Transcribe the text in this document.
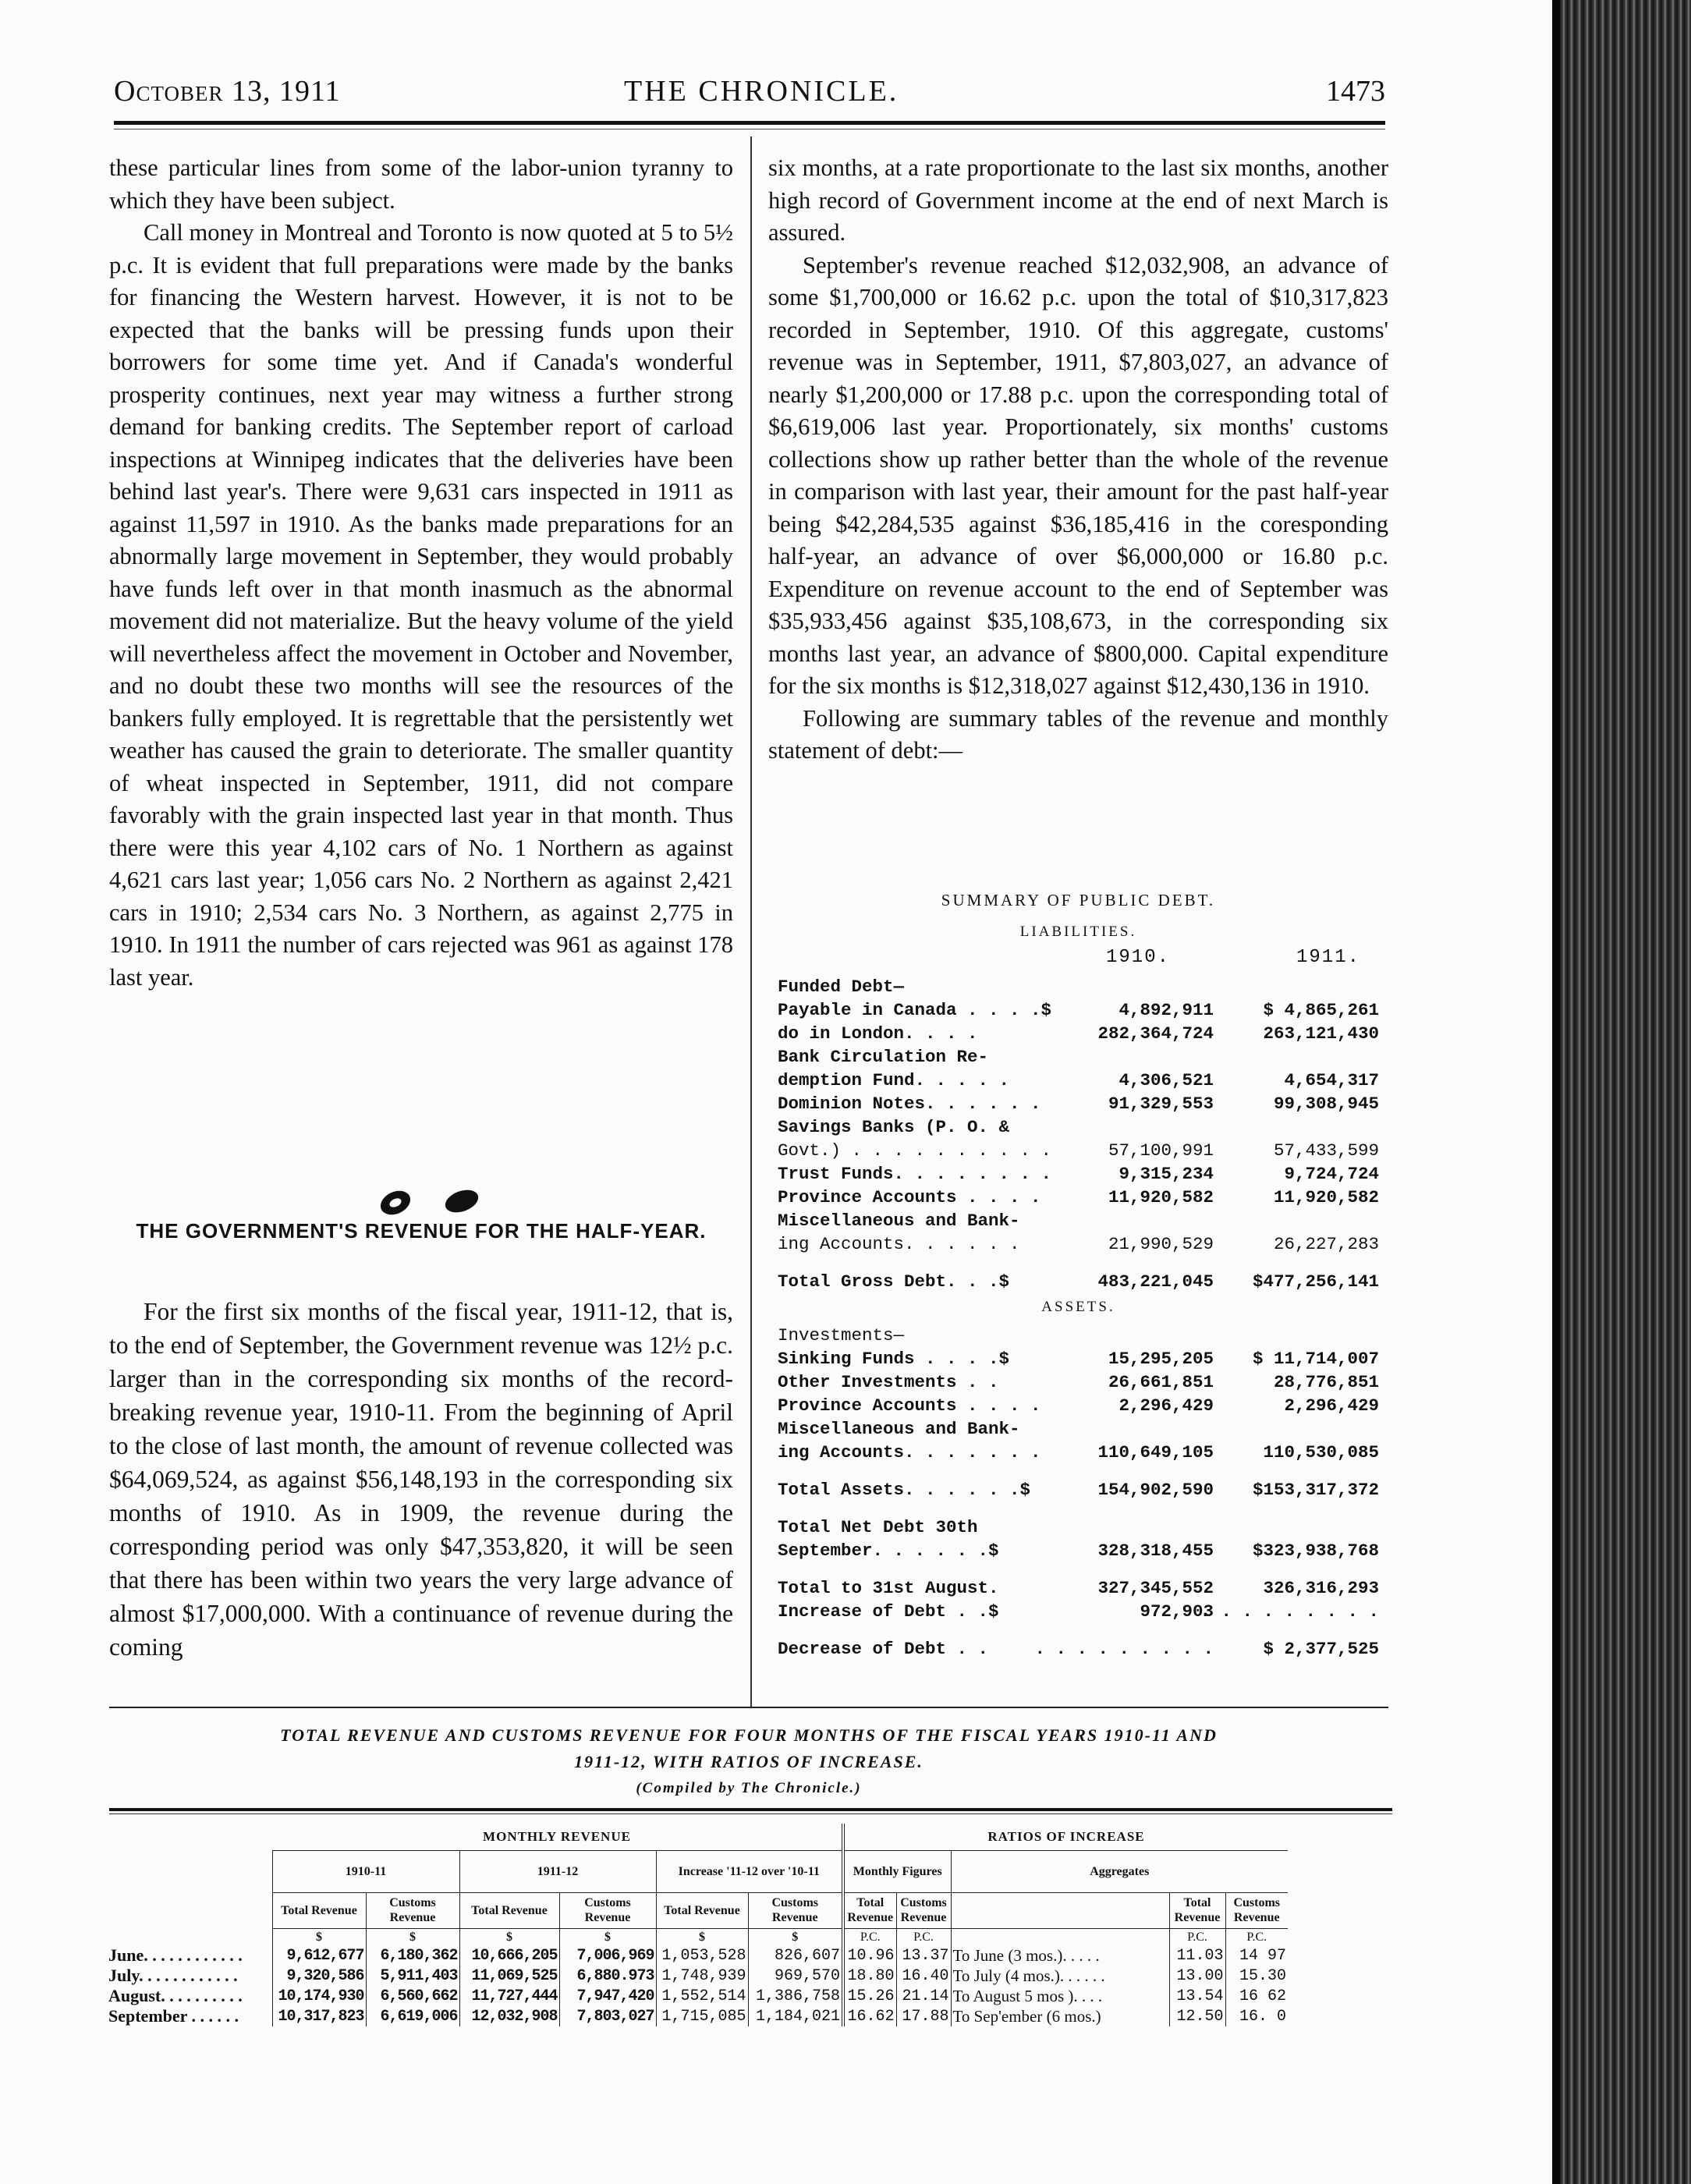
October 13, 1911	THE CHRONICLE.	1473

these particular lines from some of the labor-union tyranny to which they have been subject.

Call money in Montreal and Toronto is now quoted at 5 to 5½ p.c. It is evident that full preparations were made by the banks for financing the Western harvest. However, it is not to be expected that the banks will be pressing funds upon their borrowers for some time yet. And if Canada's wonderful prosperity continues, next year may witness a further strong demand for banking credits. The September report of carload inspections at Winnipeg indicates that the deliveries have been behind last year's. There were 9,631 cars inspected in 1911 as against 11,597 in 1910. As the banks made preparations for an abnormally large movement in September, they would probably have funds left over in that month inasmuch as the abnormal movement did not materialize. But the heavy volume of the yield will nevertheless affect the movement in October and November, and no doubt these two months will see the resources of the bankers fully employed. It is regrettable that the persistently wet weather has caused the grain to deteriorate. The smaller quantity of wheat inspected in September, 1911, did not compare favorably with the grain inspected last year in that month. Thus there were this year 4,102 cars of No. 1 Northern as against 4,621 cars last year; 1,056 cars No. 2 Northern as against 2,421 cars in 1910; 2,534 cars No. 3 Northern, as against 2,775 in 1910. In 1911 the number of cars rejected was 961 as against 178 last year.

THE GOVERNMENT'S REVENUE FOR THE HALF-YEAR.

For the first six months of the fiscal year, 1911-12, that is, to the end of September, the Government revenue was 12½ p.c. larger than in the corresponding six months of the record-breaking revenue year, 1910-11. From the beginning of April to the close of last month, the amount of revenue collected was $64,069,524, as against $56,148,193 in the corresponding six months of 1910. As in 1909, the revenue during the corresponding period was only $47,353,820, it will be seen that there has been within two years the very large advance of almost $17,000,000. With a continuance of revenue during the coming

six months, at a rate proportionate to the last six months, another high record of Government income at the end of next March is assured.

September's revenue reached $12,032,908, an advance of some $1,700,000 or 16.62 p.c. upon the total of $10,317,823 recorded in September, 1910. Of this aggregate, customs' revenue was in September, 1911, $7,803,027, an advance of nearly $1,200,000 or 17.88 p.c. upon the corresponding total of $6,619,006 last year. Proportionately, six months' customs collections show up rather better than the whole of the revenue in comparison with last year, their amount for the past half-year being $42,284,535 against $36,185,416 in the coresponding half-year, an advance of over $6,000,000 or 16.80 p.c. Expenditure on revenue account to the end of September was $35,933,456 against $35,108,673, in the corresponding six months last year, an advance of $800,000. Capital expenditure for the six months is $12,318,027 against $12,430,136 in 1910.

Following are summary tables of the revenue and monthly statement of debt:—

SUMMARY OF PUBLIC DEBT.
LIABILITIES.
1910.	1911.
Funded Debt—
Payable in Canada . . . .$	4,892,911	$ 4,865,261
do in London. . . .	282,364,724	263,121,430
Bank Circulation Re-
demption Fund. . . . .	4,306,521	4,654,317
Dominion Notes. . . . . .	91,329,553	99,308,945
Savings Banks (P. O. &
Govt.) . . . . . . . . . .	57,100,991	57,433,599
Trust Funds. . . . . . . .	9,315,234	9,724,724
Province Accounts . . . .	11,920,582	11,920,582
Miscellaneous and Bank-
ing Accounts. . . . . .	21,990,529	26,227,283
Total Gross Debt. . .$	483,221,045 $477,256,141
ASSETS.
Investments—
Sinking Funds . . . .$	15,295,205 $ 11,714,007
Other Investments . .	26,661,851	28,776,851
Province Accounts . . . .	2,296,429	2,296,429
Miscellaneous and Bank-
ing Accounts. . . . . . .	110,649,105	110,530,085
Total Assets. . . . . .$	154,902,590 $153,317,372
Total Net Debt 30th
September. . . . . .$	328,318,455 $323,938,768
Total to 31st August.	327,345,552	326,316,293
Increase of Debt . .$	972,903
. . . . . . . . .
Decrease of Debt . .	. . . . . . . . .	$ 2,377,525
TOTAL REVENUE AND CUSTOMS REVENUE FOR FOUR MONTHS OF THE FISCAL YEARS 1910-11 AND
1911-12, WITH RATIOS OF INCREASE.
(Compiled by The Chronicle.)
	MONTHLY REVENUE						RATIOS OF INCREASE				
	1910-11		1911-12		Increase '11-12 over '10-11		Monthly Figures		Aggregates		
	Total Revenue	Customs Revenue	Total Revenue	Customs Revenue	Total Revenue	Customs Revenue	Total Revenue	Customs Revenue		Total Revenue	Customs Revenue
	$	$	$	$	$	$	P.C.	P.C.		P.C.	P.C.
June. . . . . . . . . . . .	9,612,677	6,180,362	10,666,205	7,006,969	1,053,528	826,607	10.96	13.37	To June (3 mos.). . . . .	11.03	14 97
July. . . . . . . . . . . .	9,320,586	5,911,403	11,069,525	6,880.973	1,748,939	969,570	18.80	16.40	To July (4 mos.). . . . . .	13.00	15.30
August. . . . . . . . . .	10,174,930	6,560,662	11,727,444	7,947,420	1,552,514	1,386,758	15.26	21.14	To August 5 mos ). . . .	13.54	16 62
September . . . . . .	10,317,823	6,619,006	12,032,908	7,803,027	1,715,085	1,184,021	16.62	17.88	To Sep'ember (6 mos.)	12.50	16. 0
